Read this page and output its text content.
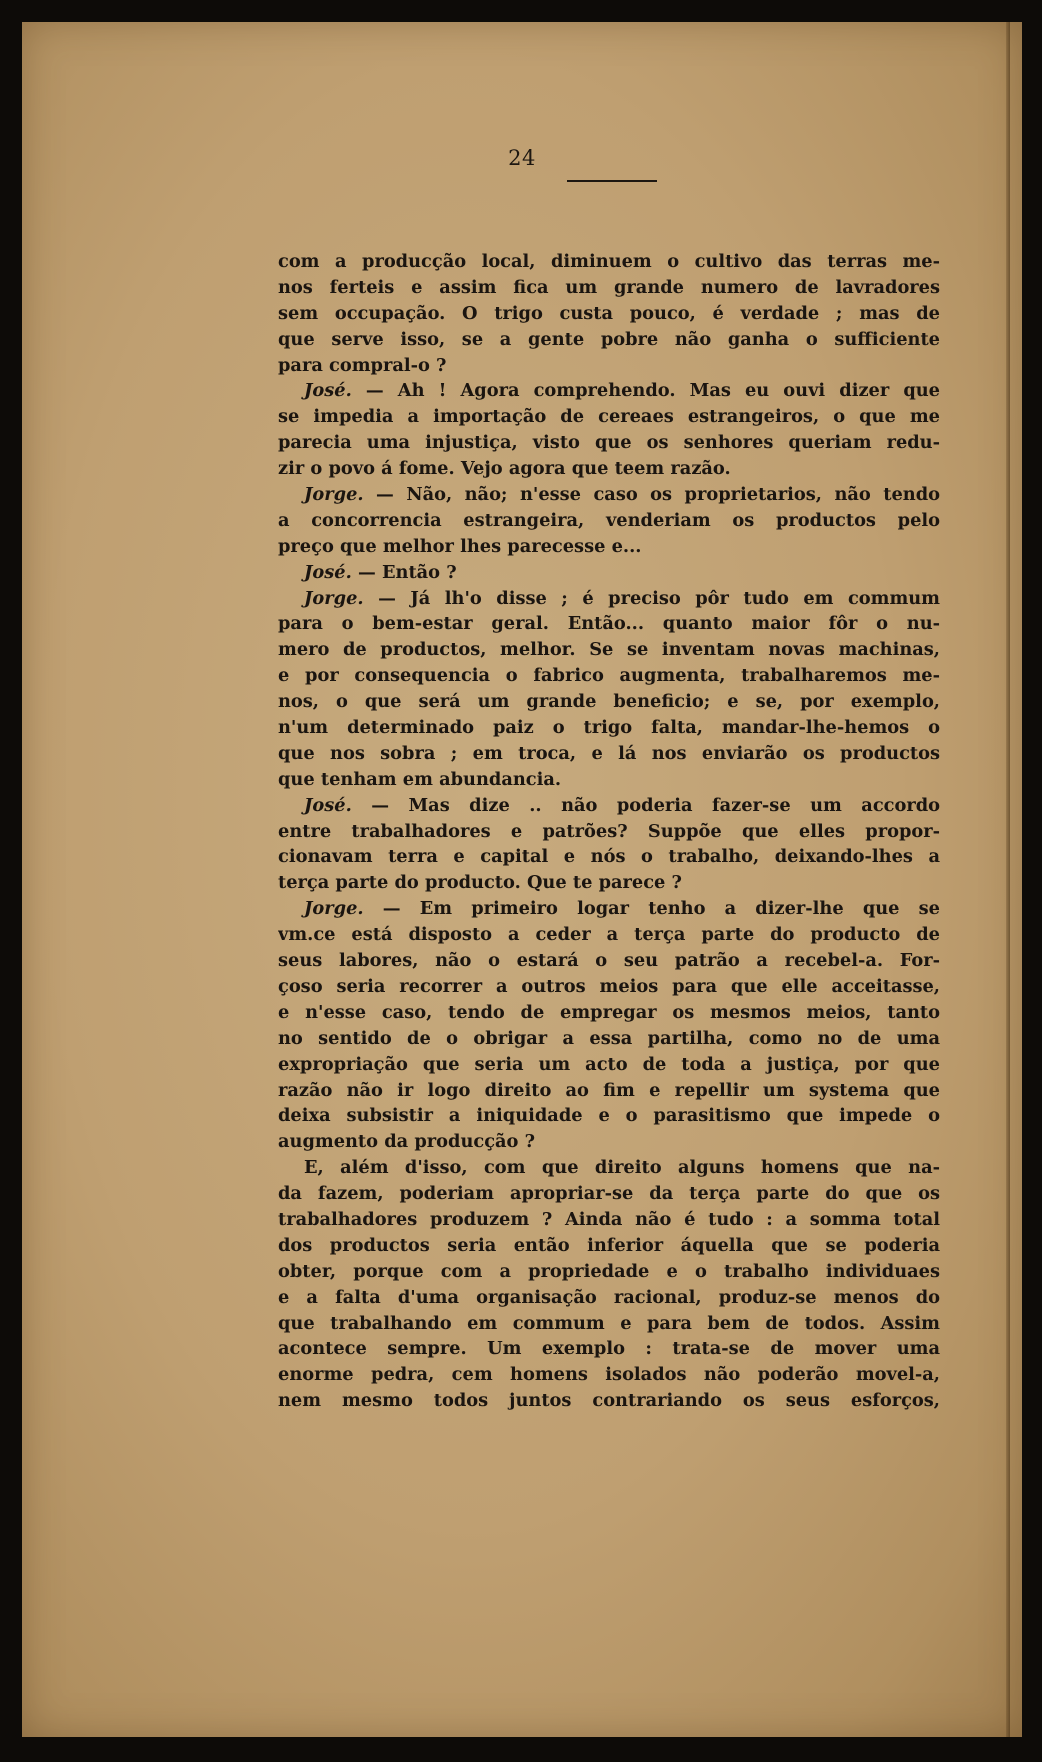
24
com a producção local, diminuem o cultivo das terras me-
nos ferteis e assim fica um grande numero de lavradores
sem occupação. O trigo custa pouco, é verdade ; mas de
que serve isso, se a gente pobre não ganha o sufficiente
para compral-o ?
José. — Ah ! Agora comprehendo. Mas eu ouvi dizer que
se impedia a importação de cereaes estrangeiros, o que me
parecia uma injustiça, visto que os senhores queriam redu-
zir o povo á fome. Vejo agora que teem razão.
Jorge. — Não, não; n'esse caso os proprietarios, não tendo
a concorrencia estrangeira, venderiam os productos pelo
preço que melhor lhes parecesse e...
José. — Então ?
Jorge. — Já lh'o disse ; é preciso pôr tudo em commum
para o bem-estar geral. Então... quanto maior fôr o nu-
mero de productos, melhor. Se se inventam novas machinas,
e por consequencia o fabrico augmenta, trabalharemos me-
nos, o que será um grande beneficio; e se, por exemplo,
n'um determinado paiz o trigo falta, mandar-lhe-hemos o
que nos sobra ; em troca, e lá nos enviarão os productos
que tenham em abundancia.
José. — Mas dize .. não poderia fazer-se um accordo
entre trabalhadores e patrões? Suppõe que elles propor-
cionavam terra e capital e nós o trabalho, deixando-lhes a
terça parte do producto. Que te parece ?
Jorge. — Em primeiro logar tenho a dizer-lhe que se
vm.ce está disposto a ceder a terça parte do producto de
seus labores, não o estará o seu patrão a recebel-a. For-
çoso seria recorrer a outros meios para que elle acceitasse,
e n'esse caso, tendo de empregar os mesmos meios, tanto
no sentido de o obrigar a essa partilha, como no de uma
expropriação que seria um acto de toda a justiça, por que
razão não ir logo direito ao fim e repellir um systema que
deixa subsistir a iniquidade e o parasitismo que impede o
augmento da producção ?
E, além d'isso, com que direito alguns homens que na-
da fazem, poderiam apropriar-se da terça parte do que os
trabalhadores produzem ? Ainda não é tudo : a somma total
dos productos seria então inferior áquella que se poderia
obter, porque com a propriedade e o trabalho individuaes
e a falta d'uma organisação racional, produz-se menos do
que trabalhando em commum e para bem de todos. Assim
acontece sempre. Um exemplo : trata-se de mover uma
enorme pedra, cem homens isolados não poderão movel-a,
nem mesmo todos juntos contrariando os seus esforços,
